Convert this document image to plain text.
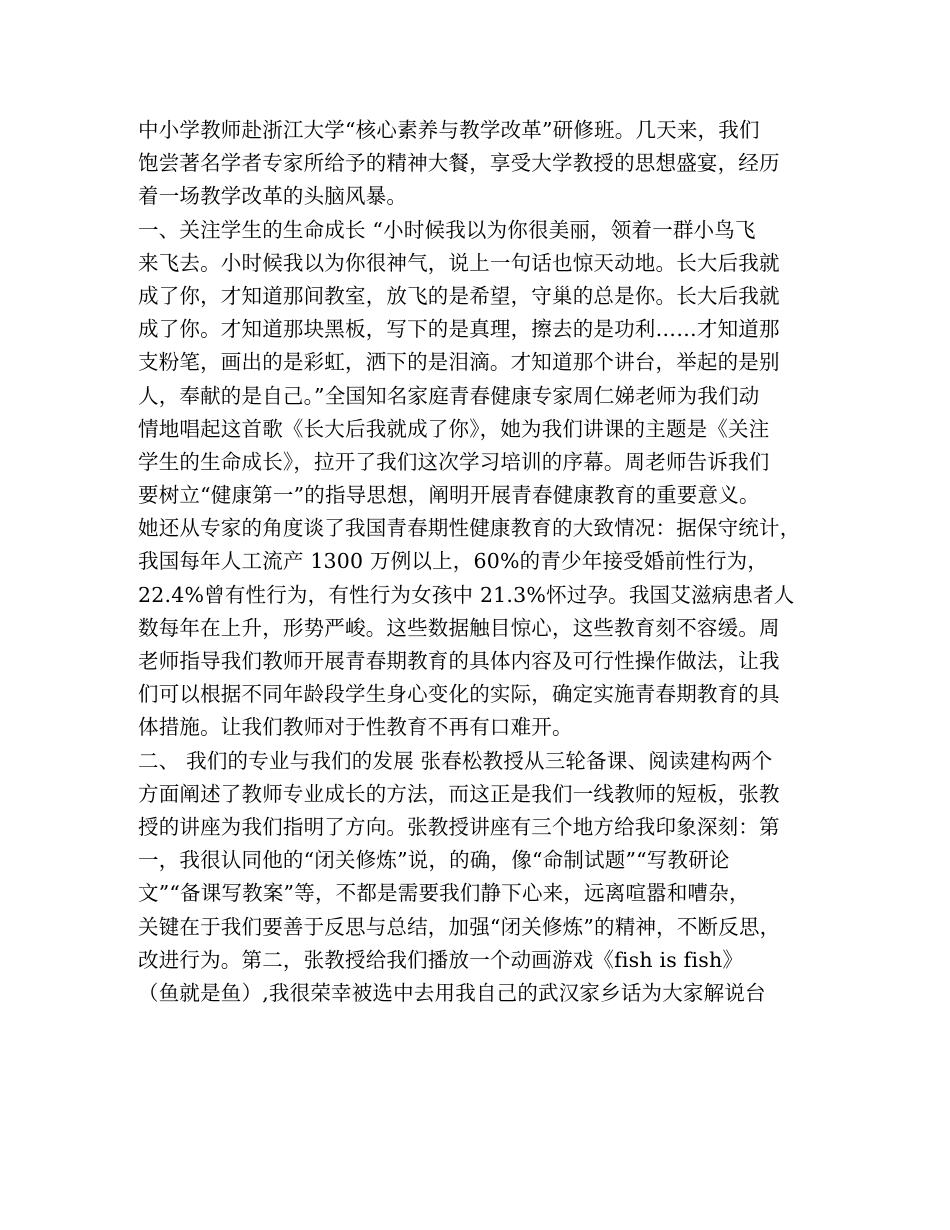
中小学教师赴浙江大学“核心素养与教学改革”研修班。几天来，我们
饱尝著名学者专家所给予的精神大餐，享受大学教授的思想盛宴，经历
着一场教学改革的头脑风暴。
一、关注学生的生命成长 “小时候我以为你很美丽，领着一群小鸟飞
来飞去。小时候我以为你很神气，说上一句话也惊天动地。长大后我就
成了你，才知道那间教室，放飞的是希望，守巢的总是你。长大后我就
成了你。才知道那块黑板，写下的是真理，擦去的是功利……才知道那
支粉笔，画出的是彩虹，洒下的是泪滴。才知道那个讲台，举起的是别
人，奉献的是自己。”全国知名家庭青春健康专家周仁娣老师为我们动
情地唱起这首歌《长大后我就成了你》，她为我们讲课的主题是《关注
学生的生命成长》，拉开了我们这次学习培训的序幕。周老师告诉我们
要树立“健康第一”的指导思想，阐明开展青春健康教育的重要意义。
她还从专家的角度谈了我国青春期性健康教育的大致情况：据保守统计，
我国每年人工流产 1300 万例以上，60%的青少年接受婚前性行为，
22.4%曾有性行为，有性行为女孩中 21.3%怀过孕。我国艾滋病患者人
数每年在上升，形势严峻。这些数据触目惊心，这些教育刻不容缓。周
老师指导我们教师开展青春期教育的具体内容及可行性操作做法，让我
们可以根据不同年龄段学生身心变化的实际，确定实施青春期教育的具
体措施。让我们教师对于性教育不再有口难开。
二、 我们的专业与我们的发展 张春松教授从三轮备课、阅读建构两个
方面阐述了教师专业成长的方法，而这正是我们一线教师的短板，张教
授的讲座为我们指明了方向。张教授讲座有三个地方给我印象深刻：第
一，我很认同他的“闭关修炼”说，的确，像“命制试题”“写教研论
文”“备课写教案”等，不都是需要我们静下心来，远离喧嚣和嘈杂，
关键在于我们要善于反思与总结，加强“闭关修炼”的精神，不断反思，
改进行为。第二，张教授给我们播放一个动画游戏《fish is fish》
（鱼就是鱼）,我很荣幸被选中去用我自己的武汉家乡话为大家解说台
